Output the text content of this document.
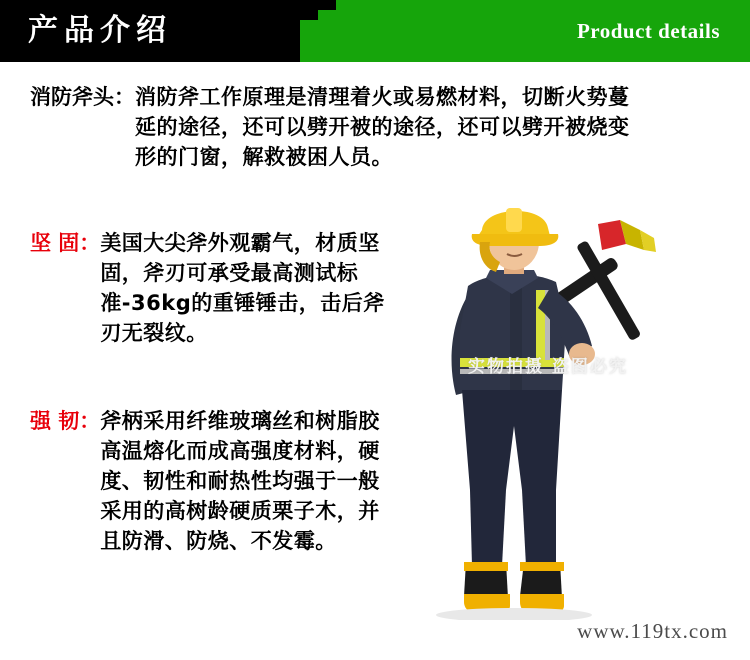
产品介绍	Product details
消防斧头： 消防斧工作原理是清理着火或易燃材料，切断火势蔓延的途径，还可以劈开被的途径，还可以劈开被烧变形的门窗，解救被困人员。
坚 固： 美国大尖斧外观霸气，材质坚固，斧刃可承受最高测试标准-36kg的重锤锤击，击后斧刃无裂纹。
强 韧： 斧柄采用纤维玻璃丝和树脂胶高温熔化而成高强度材料，硬度、韧性和耐热性均强于一般采用的高树龄硬质栗子木，并且防滑、防烧、不发霉。
实物拍摄 盗图必究
www.119tx.com
